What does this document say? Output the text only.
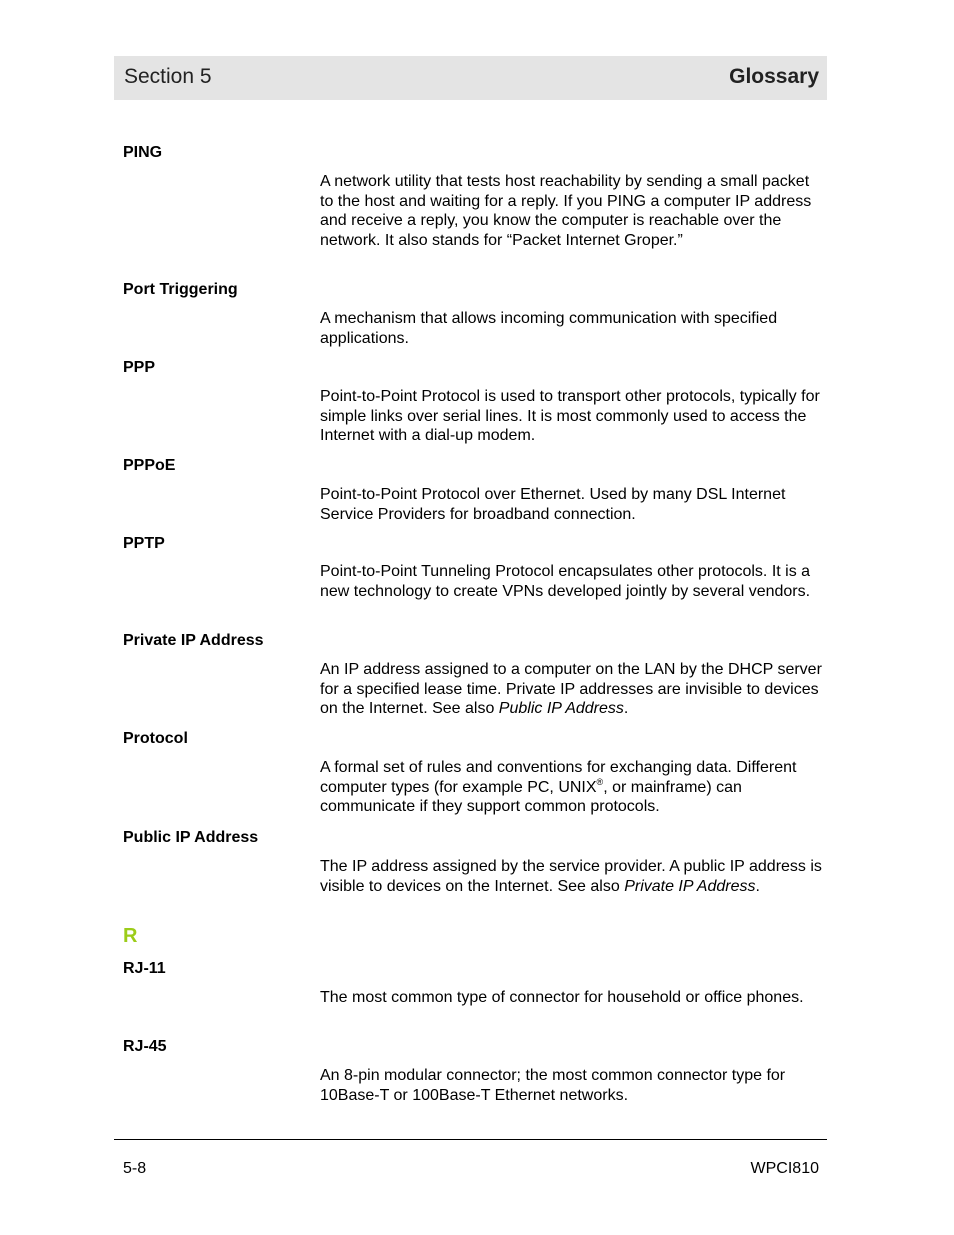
Section 5	Glossary
PING
A network utility that tests host reachability by sending a small packet to the host and waiting for a reply. If you PING a computer IP address and receive a reply, you know the computer is reachable over the network. It also stands for “Packet Internet Groper.”
Port Triggering
A mechanism that allows incoming communication with specified applications.
PPP
Point-to-Point Protocol is used to transport other protocols, typically for simple links over serial lines. It is most commonly used to access the Internet with a dial-up modem.
PPPoE
Point-to-Point Protocol over Ethernet. Used by many DSL Internet Service Providers for broadband connection.
PPTP
Point-to-Point Tunneling Protocol encapsulates other protocols. It is a new technology to create VPNs developed jointly by several vendors.
Private IP Address
An IP address assigned to a computer on the LAN by the DHCP server for a specified lease time. Private IP addresses are invisible to devices on the Internet. See also Public IP Address.
Protocol
A formal set of rules and conventions for exchanging data. Different computer types (for example PC, UNIX®, or mainframe) can communicate if they support common protocols.
Public IP Address
The IP address assigned by the service provider. A public IP address is visible to devices on the Internet. See also Private IP Address.
R
RJ-11
The most common type of connector for household or office phones.
RJ-45
An 8-pin modular connector; the most common connector type for 10Base-T or 100Base-T Ethernet networks.
5-8	WPCI810
